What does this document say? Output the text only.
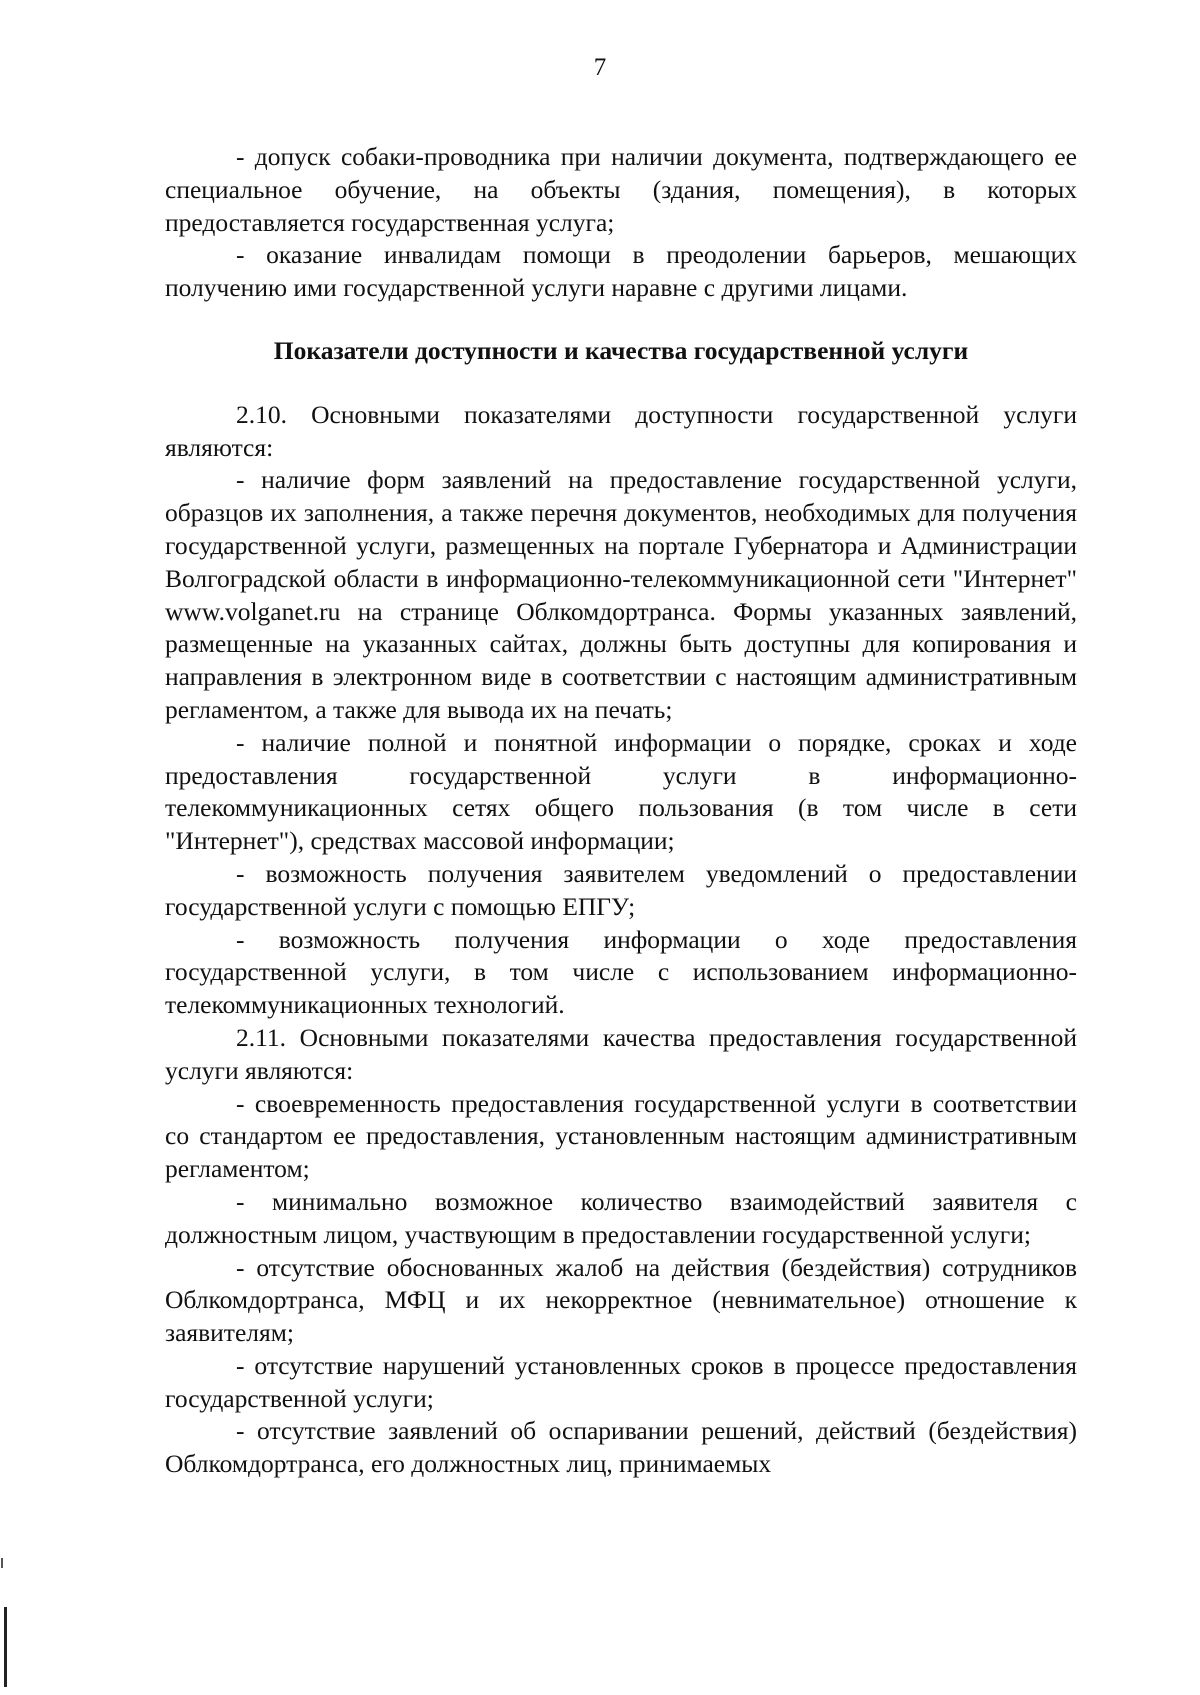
7

- допуск собаки-проводника при наличии документа, подтверждающего ее специальное обучение, на объекты (здания, помещения), в которых предоставляется государственная услуга;

- оказание инвалидам помощи в преодолении барьеров, мешающих получению ими государственной услуги наравне с другими лицами.

Показатели доступности и качества государственной услуги

2.10. Основными показателями доступности государственной услуги являются:

- наличие форм заявлений на предоставление государственной услуги, образцов их заполнения, а также перечня документов, необходимых для получения государственной услуги, размещенных на портале Губернатора и Администрации Волгоградской области в информационно-телекоммуникационной сети "Интернет" www.volganet.ru на странице Облкомдортранса. Формы указанных заявлений, размещенные на указанных сайтах, должны быть доступны для копирования и направления в электронном виде в соответствии с настоящим административным регламентом, а также для вывода их на печать;

- наличие полной и понятной информации о порядке, сроках и ходе предоставления государственной услуги в информационно-телекоммуникационных сетях общего пользования (в том числе в сети "Интернет"), средствах массовой информации;

- возможность получения заявителем уведомлений о предоставлении государственной услуги с помощью ЕПГУ;

- возможность получения информации о ходе предоставления государственной услуги, в том числе с использованием информационно-телекоммуникационных технологий.

2.11. Основными показателями качества предоставления государственной услуги являются:

- своевременность предоставления государственной услуги в соответствии со стандартом ее предоставления, установленным настоящим административным регламентом;

- минимально возможное количество взаимодействий заявителя с должностным лицом, участвующим в предоставлении государственной услуги;

- отсутствие обоснованных жалоб на действия (бездействия) сотрудников Облкомдортранса, МФЦ и их некорректное (невнимательное) отношение к заявителям;

- отсутствие нарушений установленных сроков в процессе предоставления государственной услуги;

- отсутствие заявлений об оспаривании решений, действий (бездействия) Облкомдортранса, его должностных лиц, принимаемых
